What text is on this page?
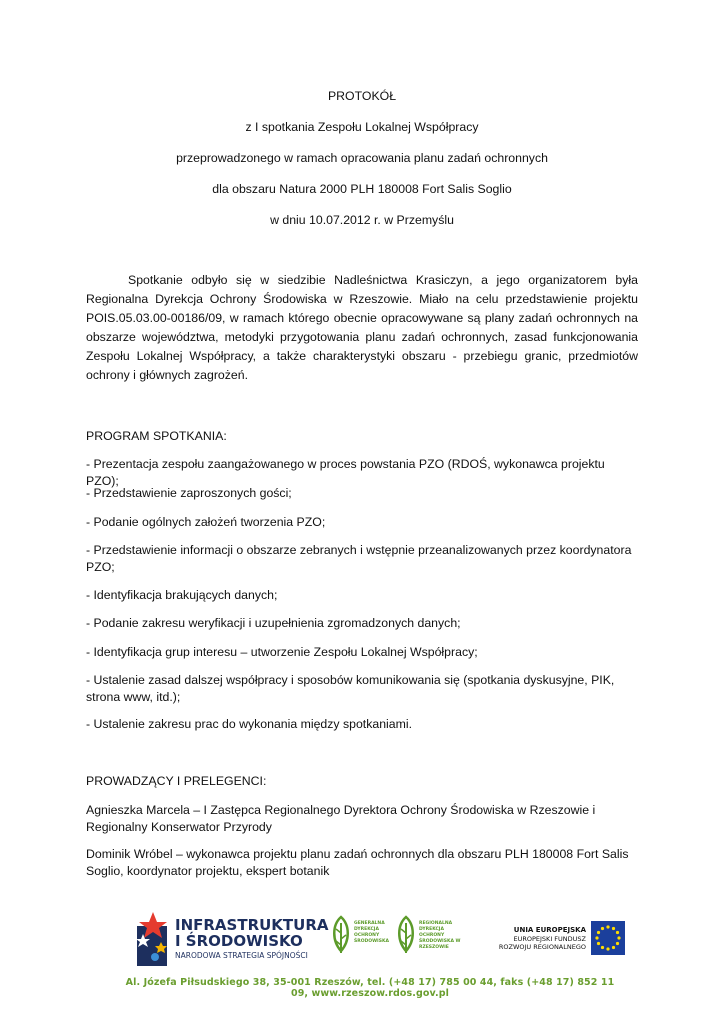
PROTOKÓŁ

z I spotkania Zespołu Lokalnej Współpracy

przeprowadzonego w ramach opracowania planu zadań ochronnych

dla obszaru Natura 2000 PLH 180008 Fort Salis Soglio

w dniu 10.07.2012 r. w Przemyślu

Spotkanie odbyło się w siedzibie Nadleśnictwa Krasiczyn, a jego organizatorem była Regionalna Dyrekcja Ochrony Środowiska w Rzeszowie. Miało na celu przedstawienie projektu POIS.05.03.00-00186/09, w ramach którego obecnie opracowywane są plany zadań ochronnych na obszarze województwa, metodyki przygotowania planu zadań ochronnych, zasad funkcjonowania Zespołu Lokalnej Współpracy, a także charakterystyki obszaru - przebiegu granic, przedmiotów ochrony i głównych zagrożeń.

PROGRAM SPOTKANIA:

- Prezentacja zespołu zaangażowanego w proces powstania PZO (RDOŚ, wykonawca projektu PZO);

- Przedstawienie zaproszonych gości;

- Podanie ogólnych założeń tworzenia PZO;

- Przedstawienie informacji o obszarze zebranych i wstępnie przeanalizowanych przez koordynatora PZO;

- Identyfikacja brakujących danych;

- Podanie zakresu weryfikacji i uzupełnienia zgromadzonych danych;

- Identyfikacja grup interesu – utworzenie Zespołu Lokalnej Współpracy;

- Ustalenie zasad dalszej współpracy i sposobów komunikowania się (spotkania dyskusyjne, PIK, strona www, itd.);

- Ustalenie zakresu prac do wykonania między spotkaniami.

PROWADZĄCY I PRELEGENCI:

Agnieszka Marcela – I Zastępca Regionalnego Dyrektora Ochrony Środowiska w Rzeszowie i Regionalny Konserwator Przyrody

Dominik Wróbel – wykonawca projektu planu zadań ochronnych dla obszaru PLH 180008 Fort Salis Soglio, koordynator projektu, ekspert botanik

INFRASTRUKTURA
I ŚRODOWISKO

NARODOWA STRATEGIA SPÓJNOŚCI

GENERALNA DYREKCJA OCHRONY ŚRODOWISKA

REGIONALNA DYREKCJA OCHRONY ŚRODOWISKA W RZESZOWIE

UNIA EUROPEJSKA
EUROPEJSKI FUNDUSZ
ROZWOJU REGIONALNEGO

Al. Józefa Piłsudskiego 38, 35-001 Rzeszów, tel. (+48 17) 785 00 44, faks (+48 17) 852 11 09, www.rzeszow.rdos.gov.pl
